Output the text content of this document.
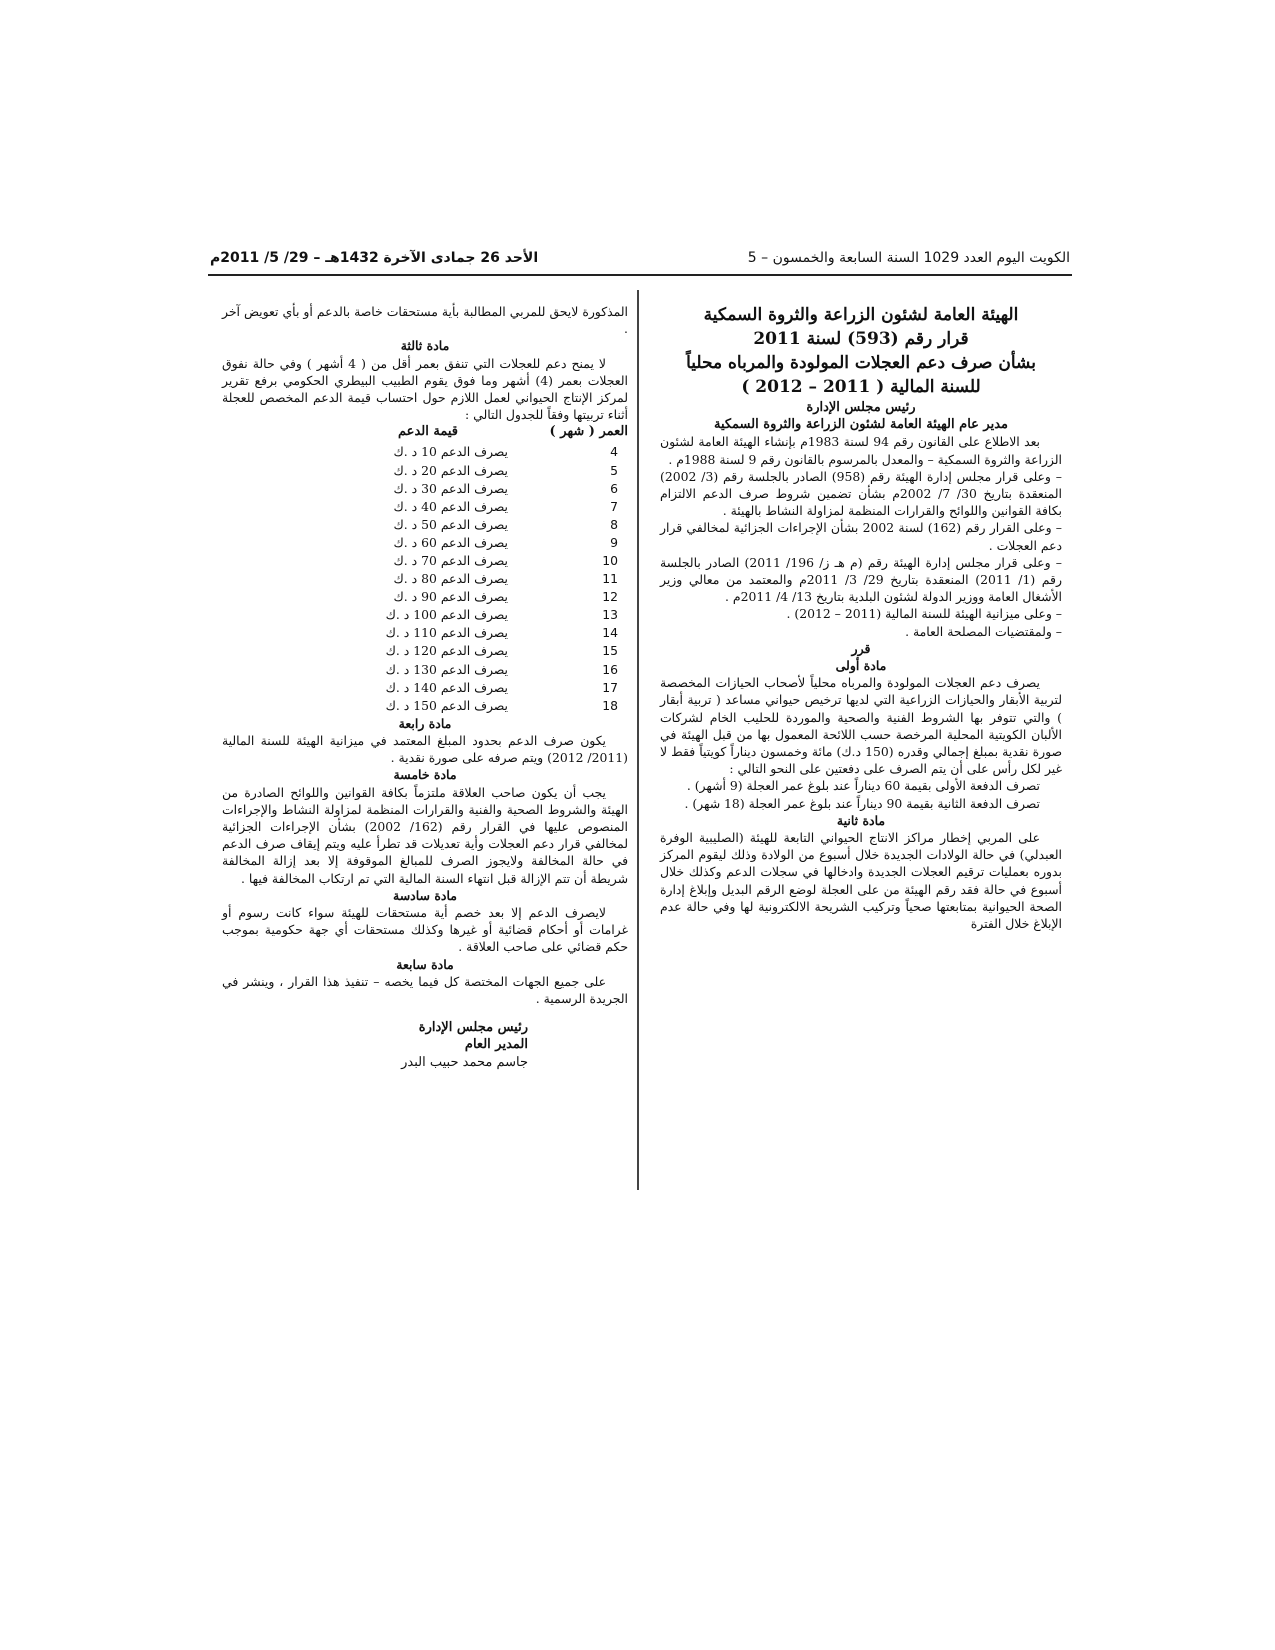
الكويت اليوم العدد 1029 السنة السابعة والخمسون – 5
الأحد 26 جمادى الآخرة 1432هـ – 29/ 5/ 2011م

الهيئة العامة لشئون الزراعة والثروة السمكية

قرار رقم (593) لسنة 2011

بشأن صرف دعم العجلات المولودة والمرباه محلياً

للسنة المالية ( 2011 – 2012 )

رئيس مجلس الإدارة

مدير عام الهيئة العامة لشئون الزراعة والثروة السمكية

بعد الاطلاع على القانون رقم 94 لسنة 1983م بإنشاء الهيئة العامة لشئون الزراعة والثروة السمكية – والمعدل بالمرسوم بالقانون رقم 9 لسنة 1988م .

– وعلى قرار مجلس إدارة الهيئة رقم (958) الصادر بالجلسة رقم (3/ 2002) المنعقدة بتاريخ 30/ 7/ 2002م بشأن تضمين شروط صرف الدعم الالتزام بكافة القوانين واللوائح والقرارات المنظمة لمزاولة النشاط بالهيئة .

– وعلى القرار رقم (162) لسنة 2002 بشأن الإجراءات الجزائية لمخالفي قرار دعم العجلات .

– وعلى قرار مجلس إدارة الهيئة رقم (م هـ ز/ 196/ 2011) الصادر بالجلسة رقم (1/ 2011) المنعقدة بتاريخ 29/ 3/ 2011م والمعتمد من معالي وزير الأشغال العامة ووزير الدولة لشئون البلدية بتاريخ 13/ 4/ 2011م .

– وعلى ميزانية الهيئة للسنة المالية (2011 – 2012) .

– ولمقتضيات المصلحة العامة .

قرر

مادة أولى

يصرف دعم العجلات المولودة والمرباه محلياً لأصحاب الحيازات المخصصة لتربية الأبقار والحيازات الزراعية التي لديها ترخيص حيواني مساعد ( تربية أبقار ) والتي تتوفر بها الشروط الفنية والصحية والموردة للحليب الخام لشركات الألبان الكويتية المحلية المرخصة حسب اللائحة المعمول بها من قبل الهيئة في صورة نقدية بمبلغ إجمالي وقدره (150 د.ك) مائة وخمسون ديناراً كويتياً فقط لا غير لكل رأس على أن يتم الصرف على دفعتين على النحو التالي :

تصرف الدفعة الأولى بقيمة 60 ديناراً عند بلوغ عمر العجلة (9 أشهر) .

تصرف الدفعة الثانية بقيمة 90 ديناراً عند بلوغ عمر العجلة (18 شهر) .

مادة ثانية

على المربي إخطار مراكز الانتاج الحيواني التابعة للهيئة (الصليبية الوفرة العبدلي) في حالة الولادات الجديدة خلال أسبوع من الولادة وذلك ليقوم المركز بدوره بعمليات ترقيم العجلات الجديدة وادخالها في سجلات الدعم وكذلك خلال أسبوع في حالة فقد رقم الهيئة من على العجلة لوضع الرقم البديل وإبلاغ إدارة الصحة الحيوانية بمتابعتها صحياً وتركيب الشريحة الالكترونية لها وفي حالة عدم الإبلاغ خلال الفترة

المذكورة لايحق للمربي المطالبة بأية مستحقات خاصة بالدعم أو بأي تعويض آخر .

مادة ثالثة

لا يمنح دعم للعجلات التي تنفق بعمر أقل من ( 4 أشهر ) وفي حالة نفوق العجلات بعمر (4) أشهر وما فوق يقوم الطبيب البيطري الحكومي برفع تقرير لمركز الإنتاج الحيواني لعمل اللازم حول احتساب قيمة الدعم المخصص للعجلة أثناء تربيتها وفقاً للجدول التالي :

العمر ( شهر )
قيمة الدعم
4
يصرف الدعم 10 د .ك
5
يصرف الدعم 20 د .ك
6
يصرف الدعم 30 د .ك
7
يصرف الدعم 40 د .ك
8
يصرف الدعم 50 د .ك
9
يصرف الدعم 60 د .ك
10
يصرف الدعم 70 د .ك
11
يصرف الدعم 80 د .ك
12
يصرف الدعم 90 د .ك
13
يصرف الدعم 100 د .ك
14
يصرف الدعم 110 د .ك
15
يصرف الدعم 120 د .ك
16
يصرف الدعم 130 د .ك
17
يصرف الدعم 140 د .ك
18
يصرف الدعم 150 د .ك

مادة رابعة

يكون صرف الدعم بحدود المبلغ المعتمد في ميزانية الهيئة للسنة المالية (2011/ 2012) ويتم صرفه على صورة نقدية .

مادة خامسة

يجب أن يكون صاحب العلاقة ملتزماً بكافة القوانين واللوائح الصادرة من الهيئة والشروط الصحية والفنية والقرارات المنظمة لمزاولة النشاط والإجراءات المنصوص عليها في القرار رقم (162/ 2002) بشأن الإجراءات الجزائية لمخالفي قرار دعم العجلات وأية تعديلات قد تطرأ عليه ويتم إيقاف صرف الدعم في حالة المخالفة ولايجوز الصرف للمبالغ الموقوفة إلا بعد إزالة المخالفة شريطة أن تتم الإزالة قبل انتهاء السنة المالية التي تم ارتكاب المخالفة فيها .

مادة سادسة

لايصرف الدعم إلا بعد خصم أية مستحقات للهيئة سواء كانت رسوم أو غرامات أو أحكام قضائية أو غيرها وكذلك مستحقات أي جهة حكومية بموجب حكم قضائي على صاحب العلاقة .

مادة سابعة

على جميع الجهات المختصة كل فيما يخصه – تنفيذ هذا القرار ، وينشر في الجريدة الرسمية .

رئيس مجلس الإدارة

المدير العام

جاسم محمد حبيب البدر
